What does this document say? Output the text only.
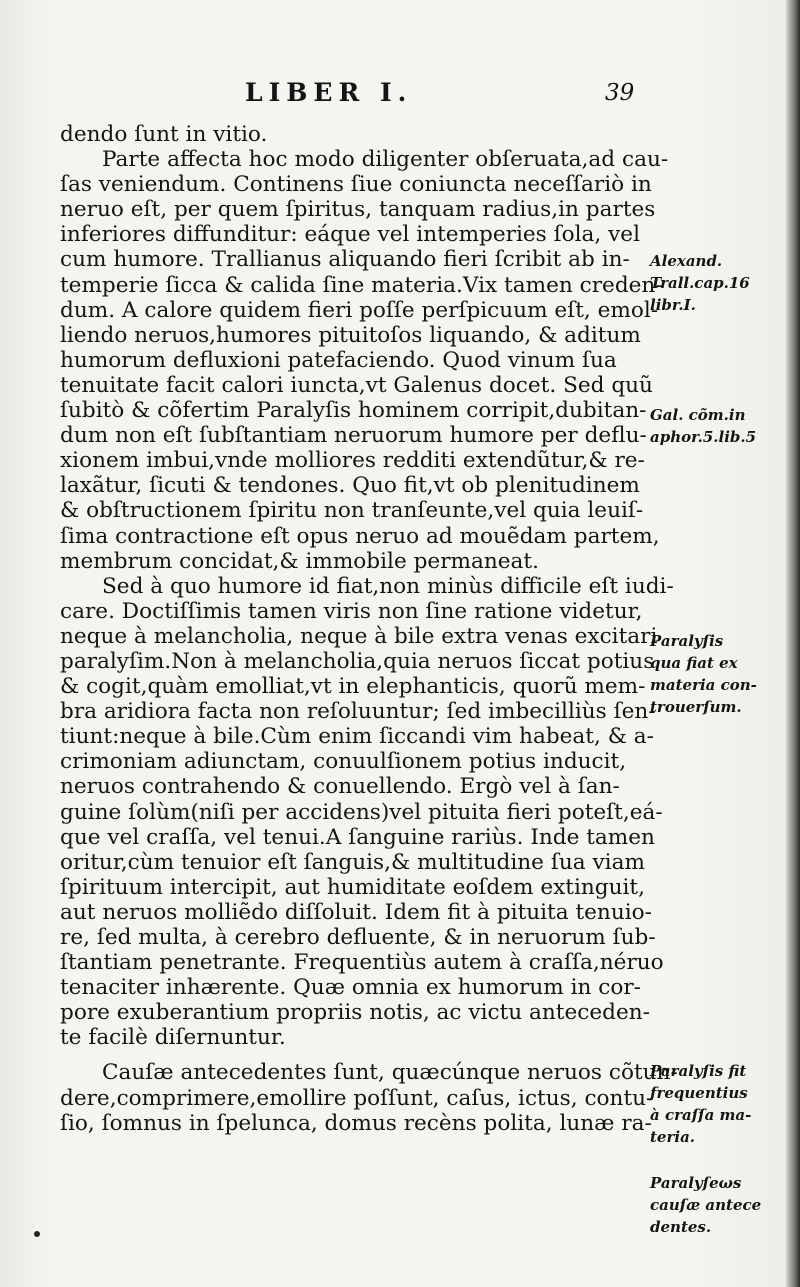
LIBER I.	39
dendo ſunt in vitio.
Parte affecta hoc modo diligenter obſeruata,ad cau-
ſas veniendum. Continens ſiue coniuncta neceſſariò in
neruo eſt, per quem ſpiritus, tanquam radius,in partes
inferiores diffunditur: eáque vel intemperies ſola, vel
cum humore. Trallianus aliquando fieri ſcribit ab in-
temperie ſicca & calida ſine materia.Vix tamen creden-
dum. A calore quidem fieri poſſe perſpicuum eſt, emol-
liendo neruos,humores pituitoſos liquando, & aditum
humorum defluxioni patefaciendo. Quod vinum ſua
tenuitate facit calori iuncta,vt Galenus docet. Sed quũ
ſubitò & cõfertim Paralyſis hominem corripit,dubitan-
dum non eſt ſubſtantiam neruorum humore per deflu-
xionem imbui,vnde molliores redditi extendũtur,& re-
laxãtur, ſicuti & tendones. Quo fit,vt ob plenitudinem
& obſtructionem ſpiritu non tranſeunte,vel quia leuiſ-
ſima contractione eſt opus neruo ad mouẽdam partem,
membrum concidat,& immobile permaneat.
Sed à quo humore id fiat,non minùs difficile eſt iudi-
care. Doctiſſimis tamen viris non ſine ratione videtur,
neque à melancholia, neque à bile extra venas excitari
paralyſim.Non à melancholia,quia neruos ſiccat potius
& cogit,quàm emolliat,vt in elephanticis, quorũ mem-
bra aridiora facta non reſoluuntur; ſed imbecilliùs ſen-
tiunt:neque à bile.Cùm enim ſiccandi vim habeat, & a-
crimoniam adiunctam, conuulſionem potius inducit,
neruos contrahendo & conuellendo. Ergò vel à ſan-
guine ſolùm(niſi per accidens)vel pituita fieri poteſt,eá-
que vel craſſa, vel tenui.A ſanguine rariùs. Inde tamen
oritur,cùm tenuior eſt ſanguis,& multitudine ſua viam
ſpirituum intercipit, aut humiditate eoſdem extinguit,
aut neruos molliẽdo diſſoluit. Idem fit à pituita tenuio-
re, ſed multa, à cerebro defluente, & in neruorum ſub-
ſtantiam penetrante. Frequentiùs autem à craſſa,néruo
tenaciter inhærente. Quæ omnia ex humorum in cor-
pore exuberantium propriis notis, ac victu anteceden-
te facilè diſernuntur.
Cauſæ antecedentes ſunt, quæcúnque neruos cõtun-
dere,comprimere,emollire poſſunt, caſus, ictus, contu-
ſio, ſomnus in ſpelunca, domus recèns polita, lunæ ra-
Alexand.
Trall.cap.16
libr.I.
Gal. cõm.in
aphor.5.lib.5
Paralyſis
qua fiat ex
materia con-
trouerſum.
Paralyſis fit
frequentius
à craſſa ma-
teria.
Paralyſeωs
cauſæ antece
dentes.
